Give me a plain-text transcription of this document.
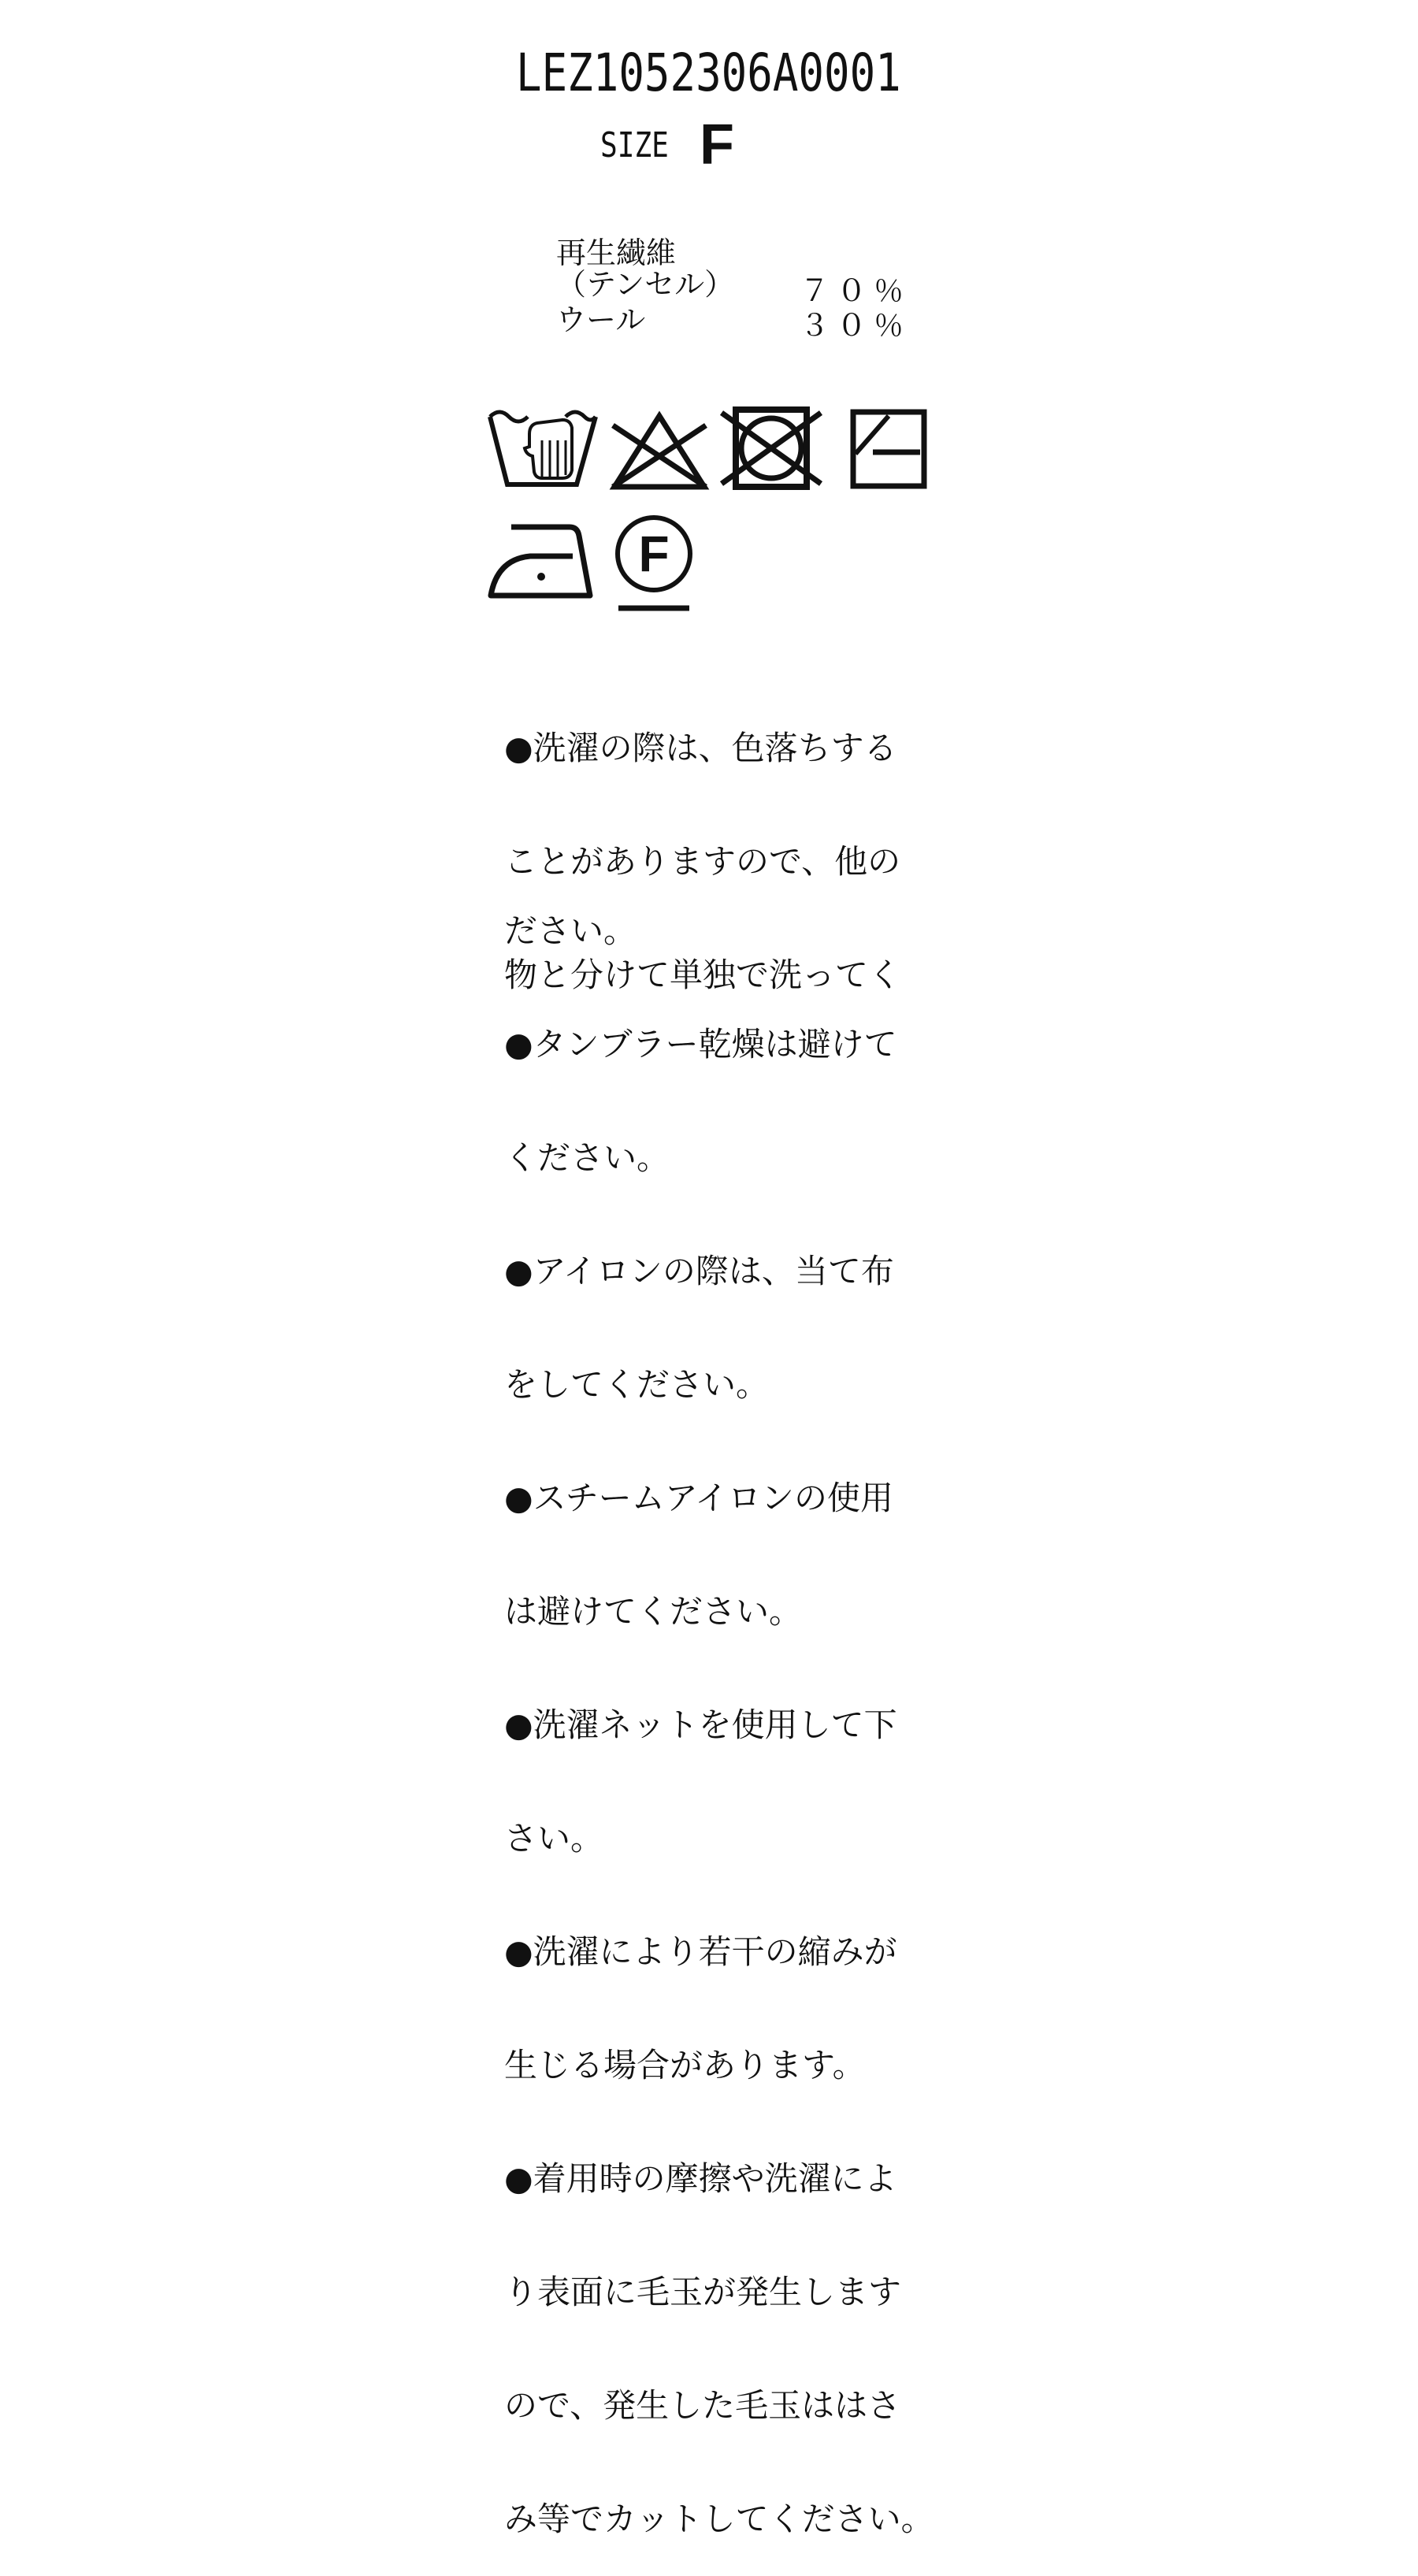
LEZ1052306A0001
SIZE F
再生繊維
（テンセル） ７０％
ウール	３０％
F

●洗濯の際は、色落ちする

ことがありますので、他の

物と分けて単独で洗ってく

ださい。

●タンブラー乾燥は避けて

ください。

●アイロンの際は、当て布

をしてください。

●スチームアイロンの使用

は避けてください。

●洗濯ネットを使用して下

さい。

●洗濯により若干の縮みが

生じる場合があります。

●着用時の摩擦や洗濯によ

り表面に毛玉が発生します

ので、発生した毛玉ははさ

み等でカットしてください。
